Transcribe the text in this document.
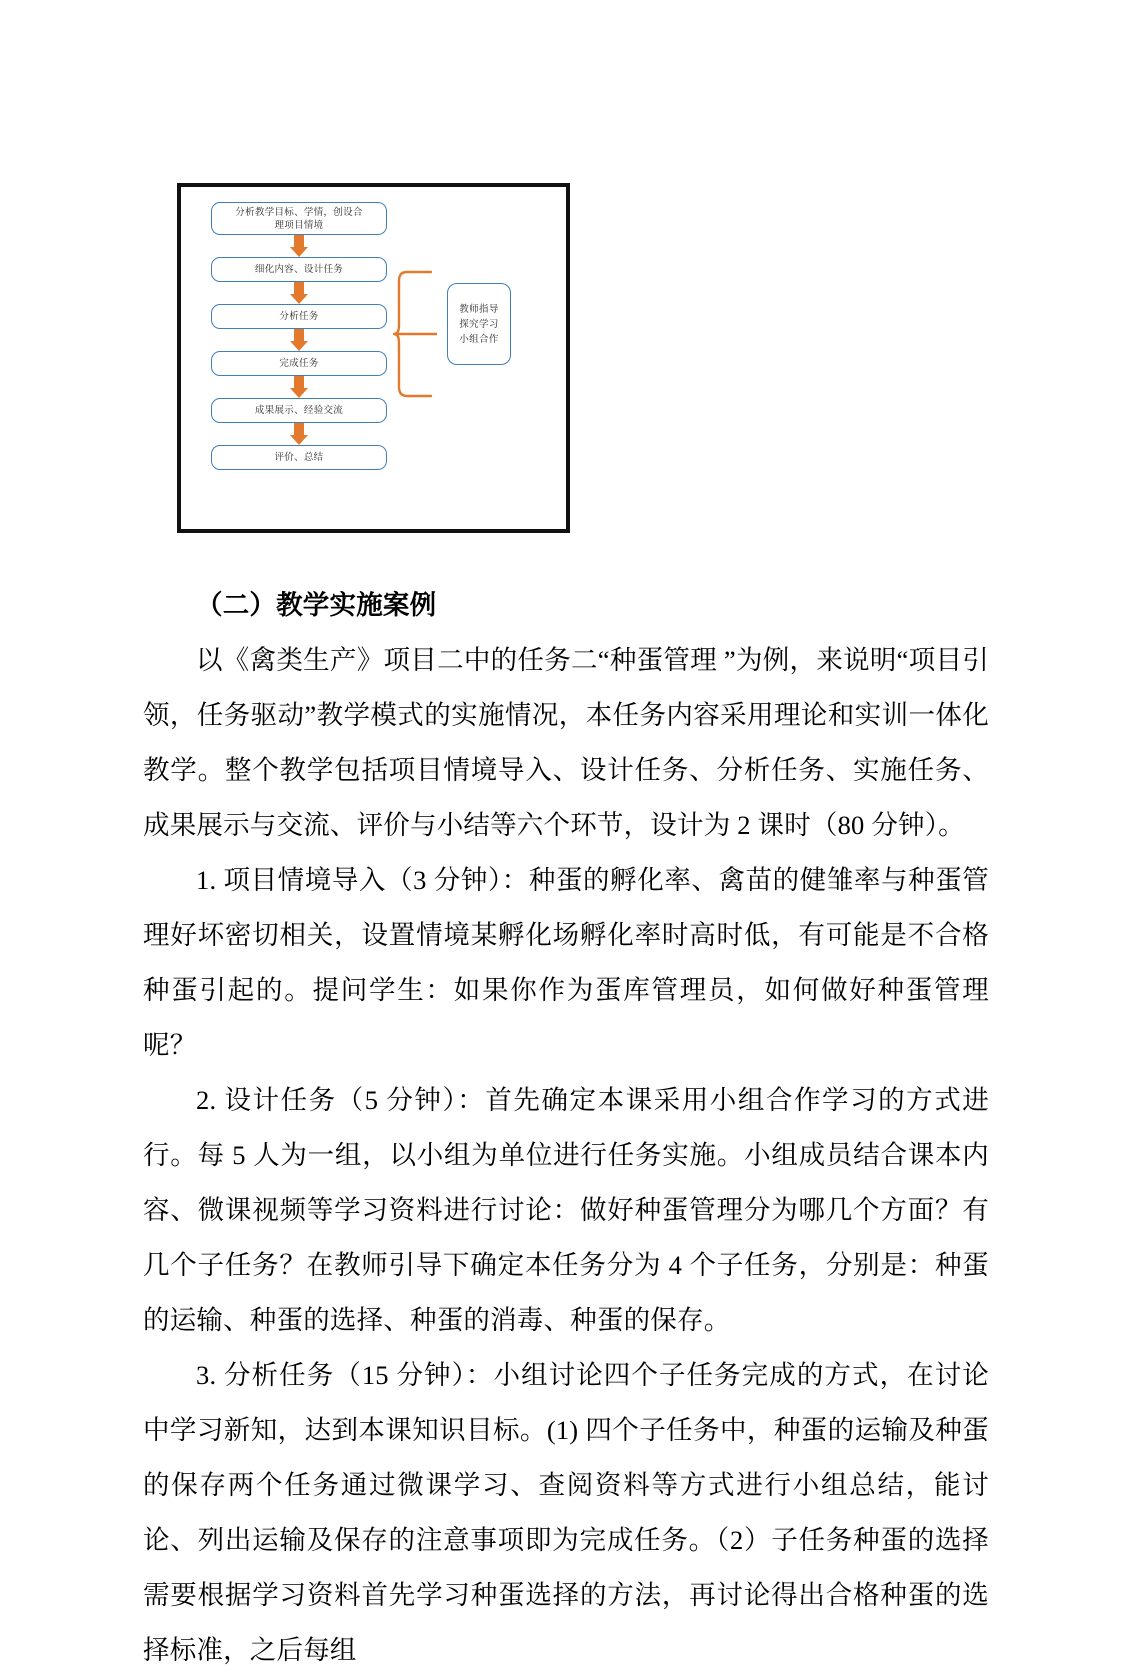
分析教学目标、学情，创设合
理项目情境
细化内容、设计任务
分析任务
完成任务
成果展示、经验交流
评价、总结
教师指导
探究学习
小组合作

（二）教学实施案例

以《禽类生产》项目二中的任务二“种蛋管理 ”为例，来说明“项目引领，任务驱动”教学模式的实施情况，本任务内容采用理论和实训一体化教学。整个教学包括项目情境导入、设计任务、分析任务、实施任务、成果展示与交流、评价与小结等六个环节，设计为 2 课时（80 分钟）。

1. 项目情境导入（3 分钟）：种蛋的孵化率、禽苗的健雏率与种蛋管理好坏密切相关，设置情境某孵化场孵化率时高时低，有可能是不合格种蛋引起的。提问学生：如果你作为蛋库管理员，如何做好种蛋管理呢？

2. 设计任务（5 分钟）：首先确定本课采用小组合作学习的方式进行。每 5 人为一组，以小组为单位进行任务实施。小组成员结合课本内容、微课视频等学习资料进行讨论：做好种蛋管理分为哪几个方面？有几个子任务？在教师引导下确定本任务分为 4 个子任务，分别是：种蛋的运输、种蛋的选择、种蛋的消毒、种蛋的保存。

3. 分析任务（15 分钟）：小组讨论四个子任务完成的方式，在讨论中学习新知，达到本课知识目标。(1) 四个子任务中，种蛋的运输及种蛋的保存两个任务通过微课学习、查阅资料等方式进行小组总结，能讨论、列出运输及保存的注意事项即为完成任务。（2）子任务种蛋的选择需要根据学习资料首先学习种蛋选择的方法，再讨论得出合格种蛋的选择标准，之后每组
